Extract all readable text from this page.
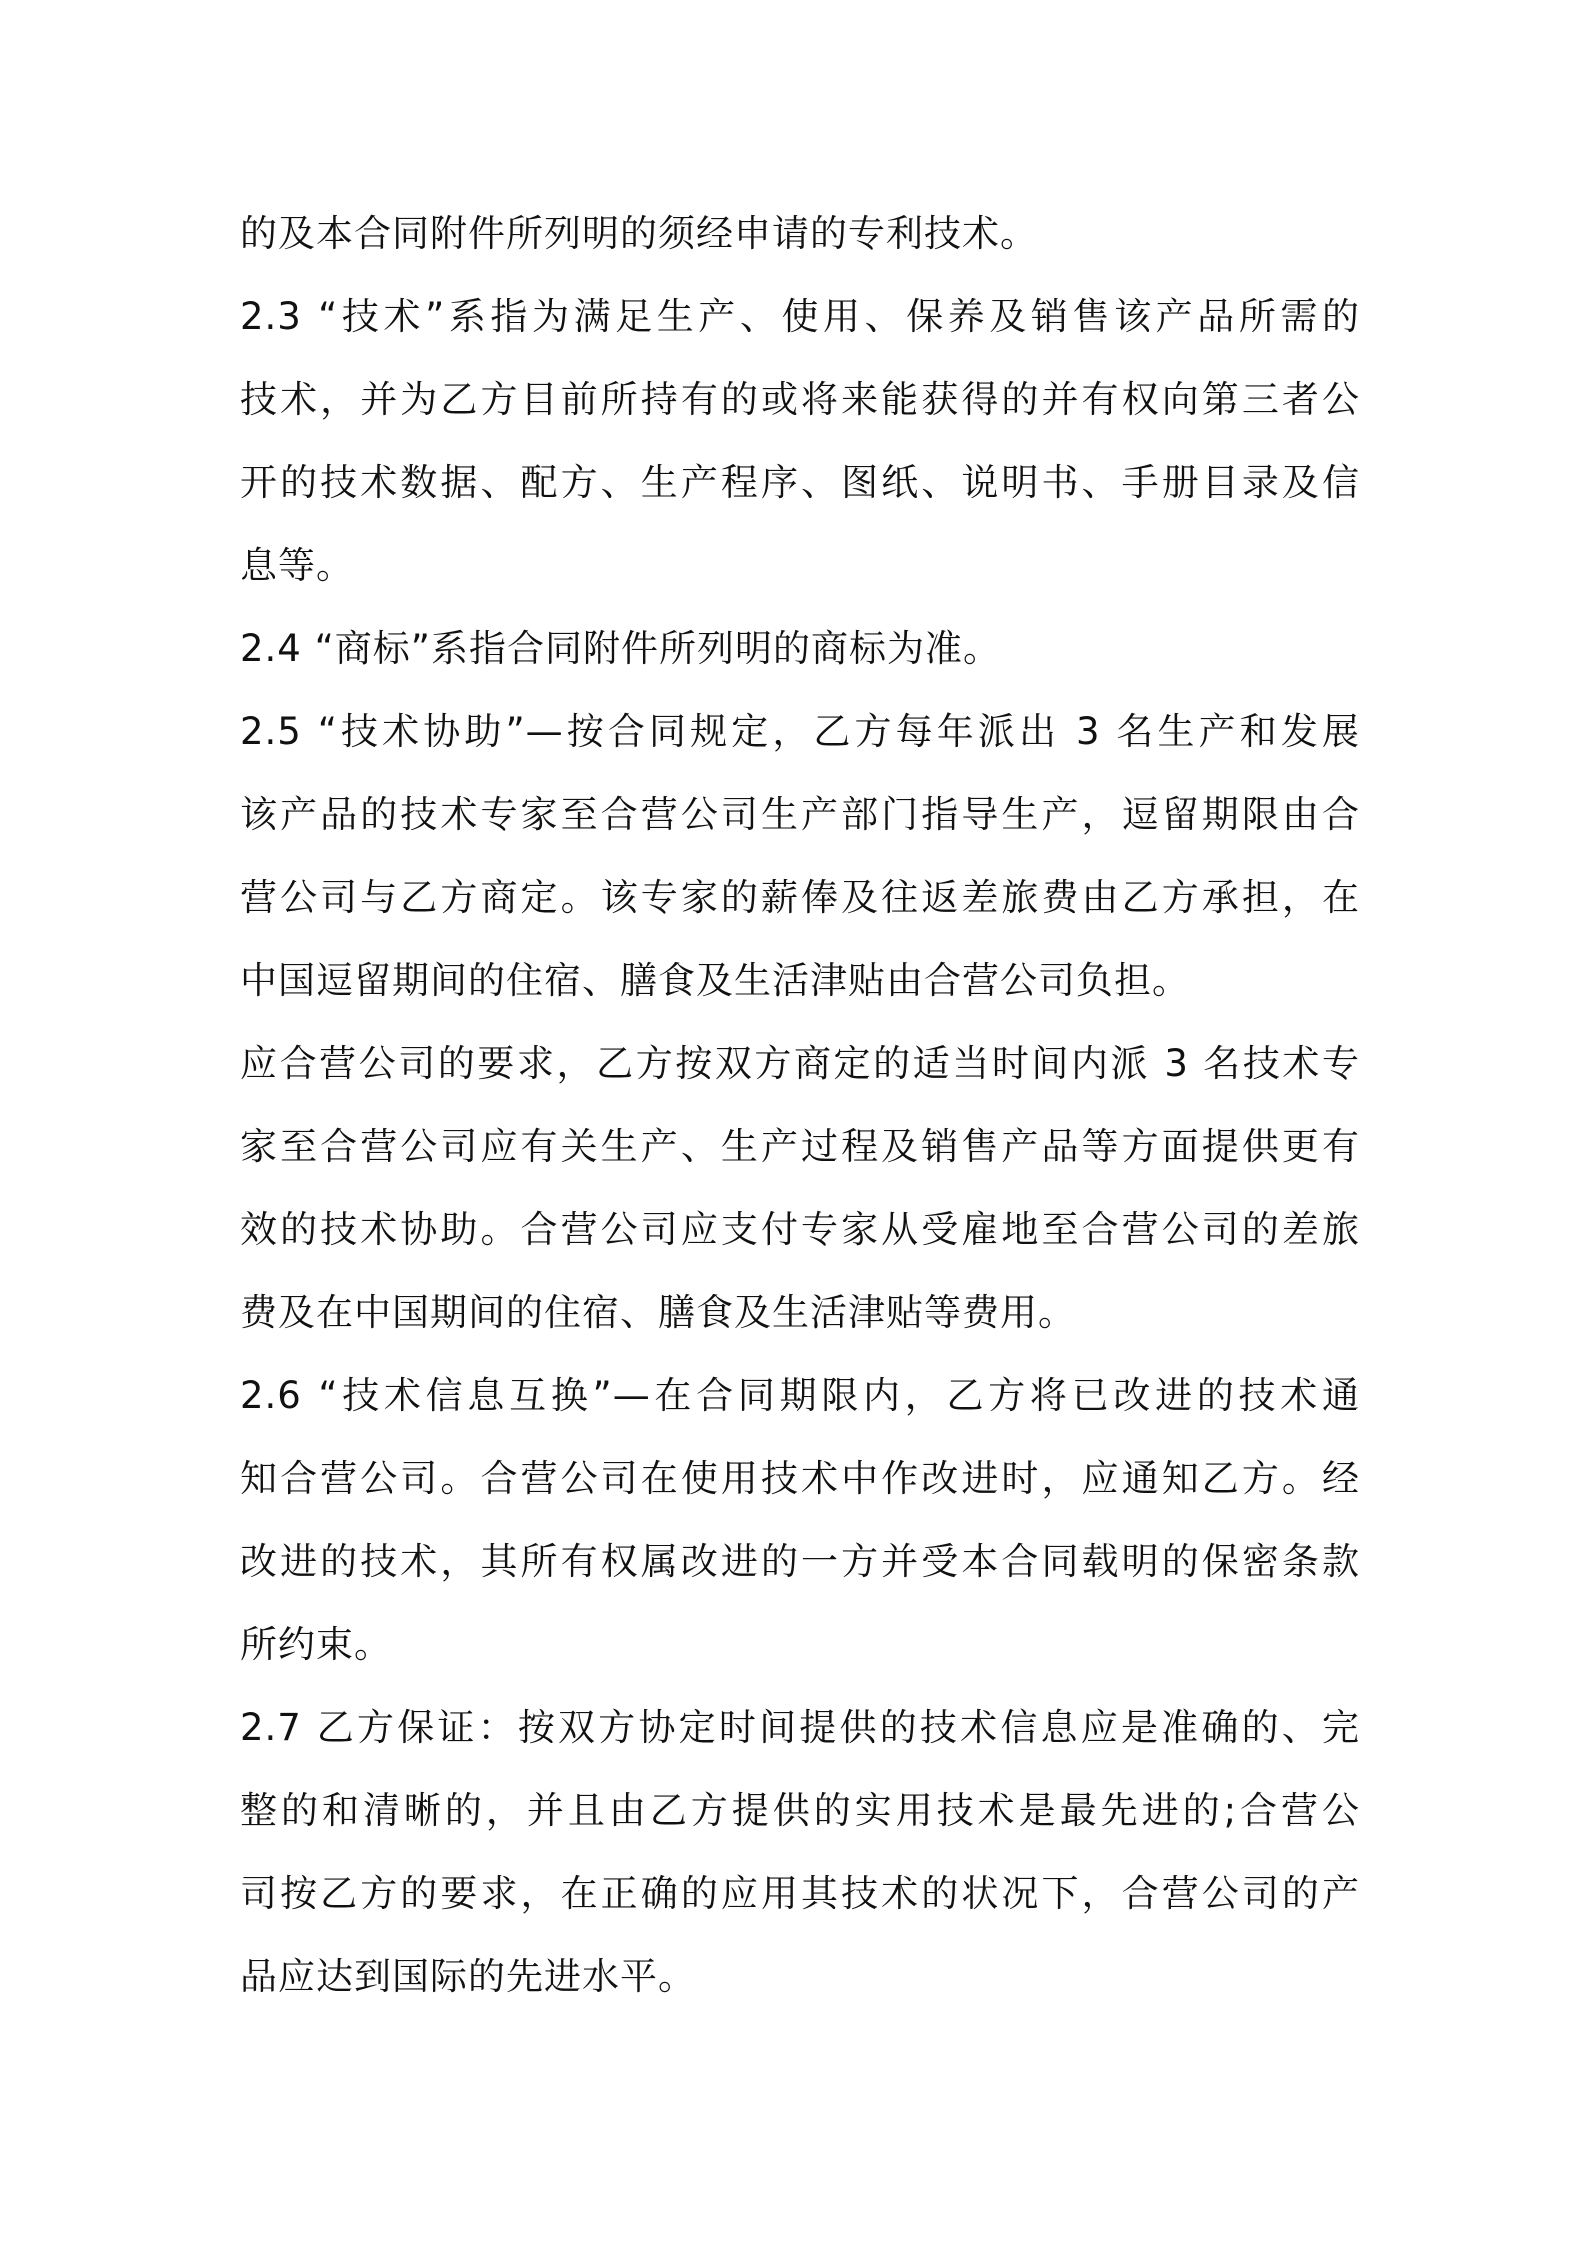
的及本合同附件所列明的须经申请的专利技术。
2.3 “技术”系指为满足生产、使用、保养及销售该产品所需的
技术，并为乙方目前所持有的或将来能获得的并有权向第三者公
开的技术数据、配方、生产程序、图纸、说明书、手册目录及信
息等。
2.4 “商标”系指合同附件所列明的商标为准。
2.5 “技术协助”—按合同规定，乙方每年派出 3 名生产和发展
该产品的技术专家至合营公司生产部门指导生产，逗留期限由合
营公司与乙方商定。该专家的薪俸及往返差旅费由乙方承担，在
中国逗留期间的住宿、膳食及生活津贴由合营公司负担。
应合营公司的要求，乙方按双方商定的适当时间内派 3 名技术专
家至合营公司应有关生产、生产过程及销售产品等方面提供更有
效的技术协助。合营公司应支付专家从受雇地至合营公司的差旅
费及在中国期间的住宿、膳食及生活津贴等费用。
2.6 “技术信息互换”—在合同期限内，乙方将已改进的技术通
知合营公司。合营公司在使用技术中作改进时，应通知乙方。经
改进的技术，其所有权属改进的一方并受本合同载明的保密条款
所约束。
2.7 乙方保证：按双方协定时间提供的技术信息应是准确的、完
整的和清晰的，并且由乙方提供的实用技术是最先进的;合营公
司按乙方的要求，在正确的应用其技术的状况下，合营公司的产
品应达到国际的先进水平。
